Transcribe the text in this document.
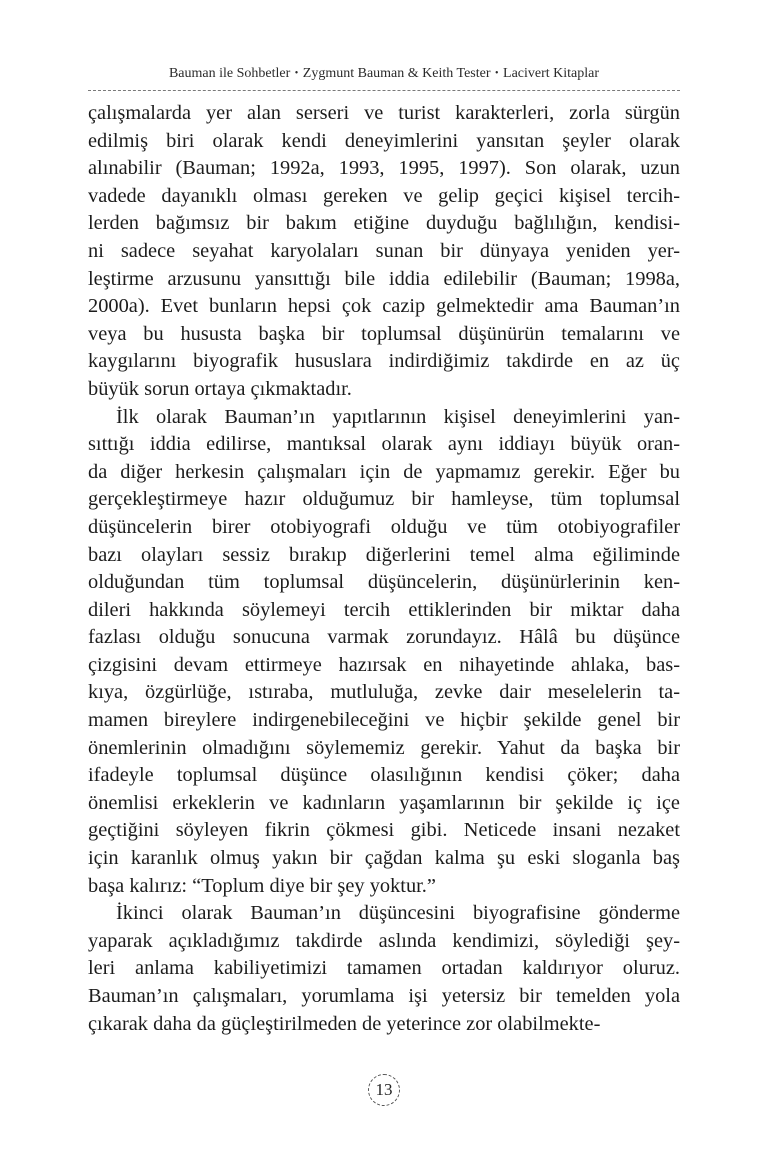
Bauman ile Sohbetler • Zygmunt Bauman & Keith Tester • Lacivert Kitaplar

çalışmalarda yer alan serseri ve turist karakterleri, zorla sürgün
edilmiş biri olarak kendi deneyimlerini yansıtan şeyler olarak
alınabilir (Bauman; 1992a, 1993, 1995, 1997). Son olarak, uzun
vadede dayanıklı olması gereken ve gelip geçici kişisel tercih-
lerden bağımsız bir bakım etiğine duyduğu bağlılığın, kendisi-
ni sadece seyahat karyolaları sunan bir dünyaya yeniden yer-
leştirme arzusunu yansıttığı bile iddia edilebilir (Bauman; 1998a,
2000a). Evet bunların hepsi çok cazip gelmektedir ama Bauman’ın
veya bu hususta başka bir toplumsal düşünürün temalarını ve
kaygılarını biyografik hususlara indirdiğimiz takdirde en az üç
büyük sorun ortaya çıkmaktadır.

İlk olarak Bauman’ın yapıtlarının kişisel deneyimlerini yan-
sıttığı iddia edilirse, mantıksal olarak aynı iddiayı büyük oran-
da diğer herkesin çalışmaları için de yapmamız gerekir. Eğer bu
gerçekleştirmeye hazır olduğumuz bir hamleyse, tüm toplumsal
düşüncelerin birer otobiyografi olduğu ve tüm otobiyografiler
bazı olayları sessiz bırakıp diğerlerini temel alma eğiliminde
olduğundan tüm toplumsal düşüncelerin, düşünürlerinin ken-
dileri hakkında söylemeyi tercih ettiklerinden bir miktar daha
fazlası olduğu sonucuna varmak zorundayız. Hâlâ bu düşünce
çizgisini devam ettirmeye hazırsak en nihayetinde ahlaka, bas-
kıya, özgürlüğe, ıstıraba, mutluluğa, zevke dair meselelerin ta-
mamen bireylere indirgenebileceğini ve hiçbir şekilde genel bir
önemlerinin olmadığını söylememiz gerekir. Yahut da başka bir
ifadeyle toplumsal düşünce olasılığının kendisi çöker; daha
önemlisi erkeklerin ve kadınların yaşamlarının bir şekilde iç içe
geçtiğini söyleyen fikrin çökmesi gibi. Neticede insani nezaket
için karanlık olmuş yakın bir çağdan kalma şu eski sloganla baş
başa kalırız: “Toplum diye bir şey yoktur.”

İkinci olarak Bauman’ın düşüncesini biyografisine gönderme
yaparak açıkladığımız takdirde aslında kendimizi, söylediği şey-
leri anlama kabiliyetimizi tamamen ortadan kaldırıyor oluruz.
Bauman’ın çalışmaları, yorumlama işi yetersiz bir temelden yola
çıkarak daha da güçleştirilmeden de yeterince zor olabilmekte-

13
